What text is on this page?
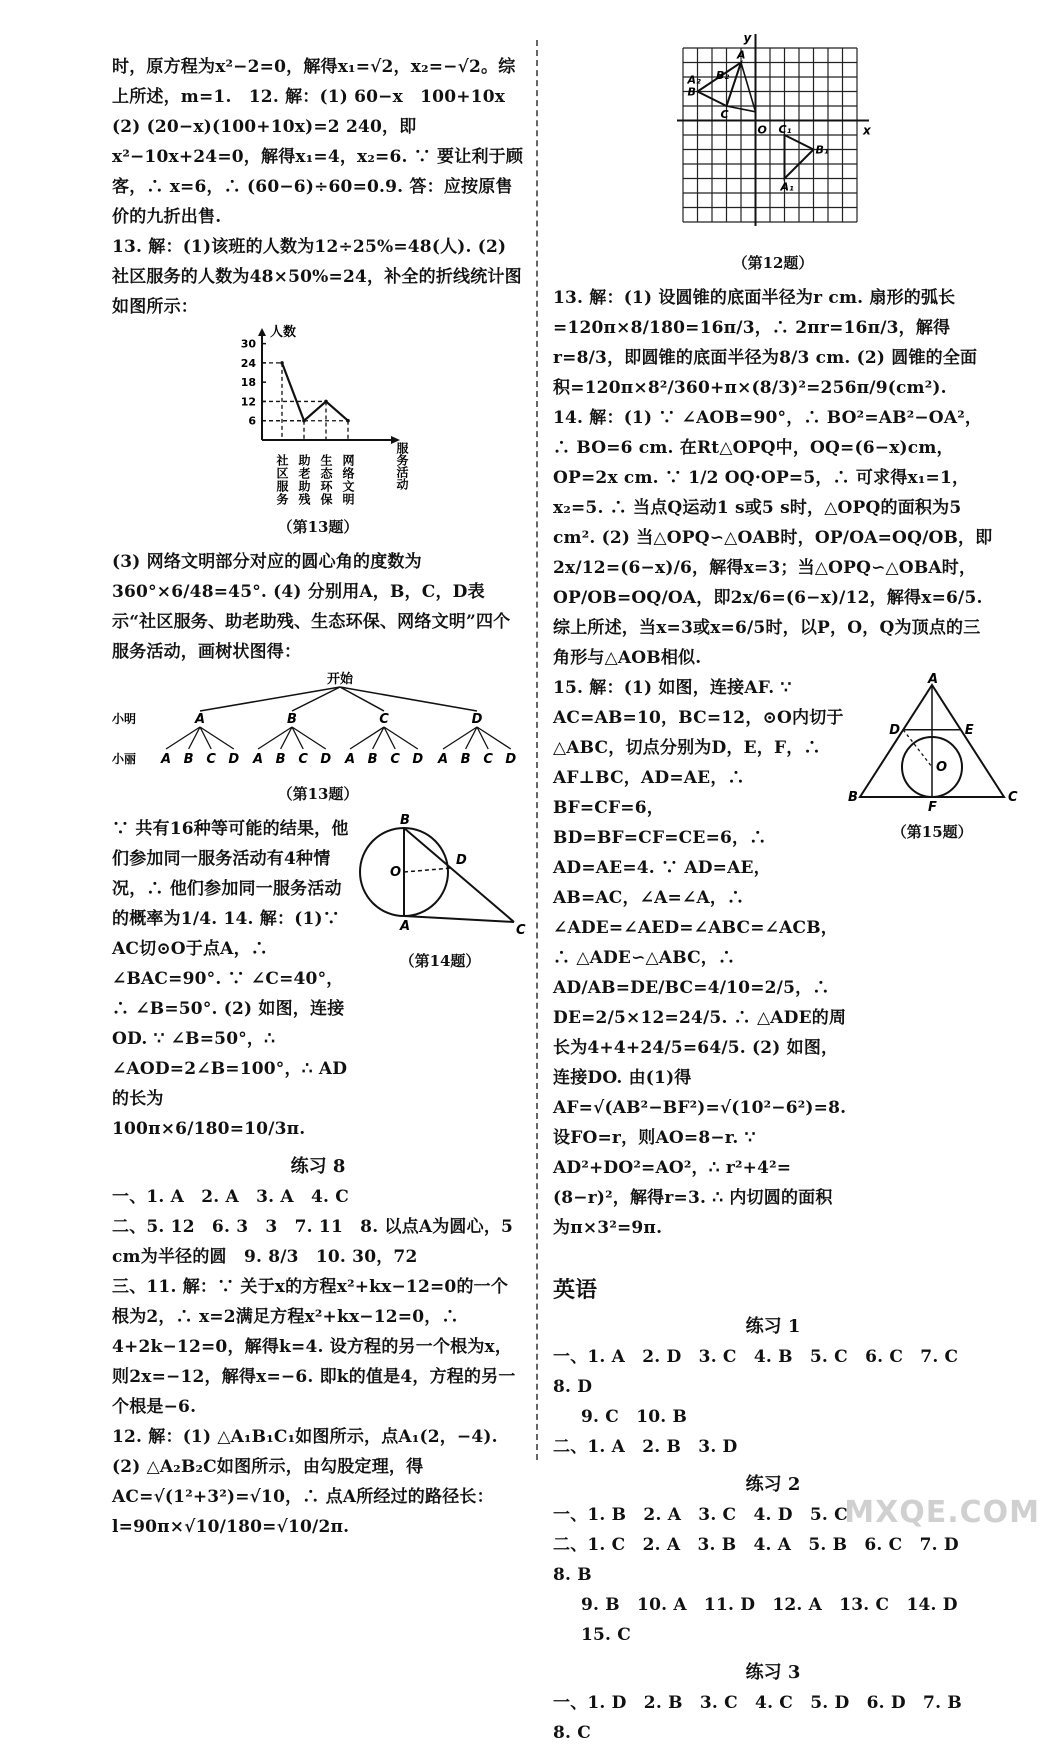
时，原方程为x²−2=0，解得x₁=√2，x₂=−√2。综上所述，m=1.　12. 解：(1) 60−x　100+10x　(2) (20−x)(100+10x)=2 240，即x²−10x+24=0，解得x₁=4，x₂=6. ∵ 要让利于顾客，∴ x=6，∴ (60−6)÷60=0.9. 答：应按原售价的九折出售.

13. 解：(1)该班的人数为12÷25%=48(人). (2) 社区服务的人数为48×50%=24，补全的折线统计图如图所示：

人数
服务活动
6
12
18
24
30
社区服务 助老助残 生态环保 网络文明
（第13题）

(3) 网络文明部分对应的圆心角的度数为360°×6/48=45°. (4) 分别用A，B，C，D表示“社区服务、助老助残、生态环保、网络文明”四个服务活动，画树状图得：

开始
小明
小丽
A
A B C D
B
A B C D
C
A B C D
D
A B C D
（第13题）

∵ 共有16种等可能的结果，他们参加同一服务活动有4种情况，∴ 他们参加同一服务活动的概率为1/4. 14. 解：(1)∵ AC切⊙O于点A，∴ ∠BAC=90°. ∵ ∠C=40°，∴ ∠B=50°. (2) 如图，连接OD. ∵ ∠B=50°，∴ ∠AOD=2∠B=100°，∴ AD的长为100π×6/180=10/3π.

B
O
D
A	C
（第14题）
练习 8

一、1. A　2. A　3. A　4. C

二、5. 12　6. 3　3　7. 11　8. 以点A为圆心，5 cm为半径的圆　9. 8/3　10. 30，72

三、11. 解：∵ 关于x的方程x²+kx−12=0的一个根为2，∴ x=2满足方程x²+kx−12=0，∴ 4+2k−12=0，解得k=4. 设方程的另一个根为x，则2x=−12，解得x=−6. 即k的值是4，方程的另一个根是−6.

12. 解：(1) △A₁B₁C₁如图所示，点A₁(2，−4). (2) △A₂B₂C如图所示，由勾股定理，得AC=√(1²+3²)=√10，∴ 点A所经过的路径长：l=90π×√10/180=√10/2π.

y
x
O
A
B
C
A₁
B₁
C₁
A₂ B₂
（第12题）

13. 解：(1) 设圆锥的底面半径为r cm. 扇形的弧长=120π×8/180=16π/3，∴ 2πr=16π/3，解得r=8/3，即圆锥的底面半径为8/3 cm. (2) 圆锥的全面积=120π×8²/360+π×(8/3)²=256π/9(cm²).　14. 解：(1) ∵ ∠AOB=90°，∴ BO²=AB²−OA²，∴ BO=6 cm. 在Rt△OPQ中，OQ=(6−x)cm，OP=2x cm. ∵ 1/2 OQ·OP=5，∴ 可求得x₁=1，x₂=5. ∴ 当点Q运动1 s或5 s时，△OPQ的面积为5 cm². (2) 当△OPQ∽△OAB时，OP/OA=OQ/OB，即2x/12=(6−x)/6，解得x=3；当△OPQ∽△OBA时，OP/OB=OQ/OA，即2x/6=(6−x)/12，解得x=6/5. 综上所述，当x=3或x=6/5时，以P，O，Q为顶点的三角形与△AOB相似.

15. 解：(1) 如图，连接AF. ∵ AC=AB=10，BC=12，⊙O内切于△ABC，切点分别为D，E，F，∴ AF⊥BC，AD=AE，∴ BF=CF=6，BD=BF=CF=CE=6，∴ AD=AE=4. ∵ AD=AE，AB=AC，∠A=∠A，∴ ∠ADE=∠AED=∠ABC=∠ACB，∴ △ADE∽△ABC，∴ AD/AB=DE/BC=4/10=2/5，∴ DE=2/5×12=24/5. ∴ △ADE的周长为4+4+24/5=64/5. (2) 如图，连接DO. 由(1)得AF=√(AB²−BF²)=√(10²−6²)=8. 设FO=r，则AO=8−r. ∵ AD²+DO²=AO²，∴ r²+4²=(8−r)²，解得r=3. ∴ 内切圆的面积为π×3²=9π.

A
D	E
O
B
F
C
（第15题）
英语
练习 1

一、1. A　2. D　3. C　4. B　5. C　6. C　7. C　8. D

9. C　10. B

二、1. A　2. B　3. D

练习 2

一、1. B　2. A　3. C　4. D　5. C

二、1. C　2. A　3. B　4. A　5. B　6. C　7. D　8. B

9. B　10. A　11. D　12. A　13. C　14. D　15. C

练习 3

一、1. D　2. B　3. C　4. C　5. D　6. D　7. B　8. C

MXQE.COM
